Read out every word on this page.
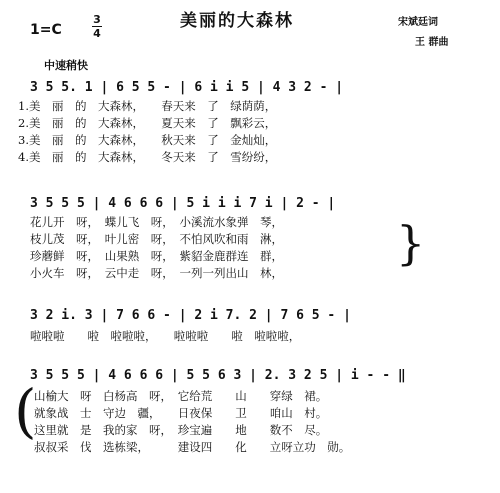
美丽的大森林
1=C
3
4
宋斌廷词
王 群曲
中速稍快
3 5 5. 1 | 6 5 5 - | 6 i i 5 | 4 3 2 - |
1.美　丽　的　大森林，　　春天来　了　绿荫荫，
2.美　丽　的　大森林，　　夏天来　了　飘彩云，
3.美　丽　的　大森林，　　秋天来　了　金灿灿，
4.美　丽　的　大森林，　　冬天来　了　雪纷纷，
3 5 5 5 | 4 6 6 6 | 5 i i i 7 i | 2 - |
花儿开　呀，　蝶儿飞　呀，　小溪流水象弹　琴，
枝儿茂　呀，　叶儿密　呀，　不怕风吹和雨　淋，
珍蘑鲜　呀，　山果熟　呀，　紫貂金鹿群连　群，
小火车　呀，　云中走　呀，　一列一列出山　林，
}
3 2 i. 3 | 7 6 6 - | 2 i 7. 2 | 7 6 5 - |
啦啦啦　　啦　啦啦啦，　　啦啦啦　　啦　啦啦啦，
3 5 5 5 | 4 6 6 6 | 5 5 6 3 | 2. 3 2 5 | i - - ‖
(
山榆大　呀　白杨高　呀，　它给荒　　山　　穿绿　裙。
就象战　士　守边　疆，　　日夜保　　卫　　咱山　村。
这里就　是　我的家　呀，　珍宝遍　　地　　数不　尽。
叔叔采　伐　选栋梁，　　　建设四　　化　　立呀立功　勋。
